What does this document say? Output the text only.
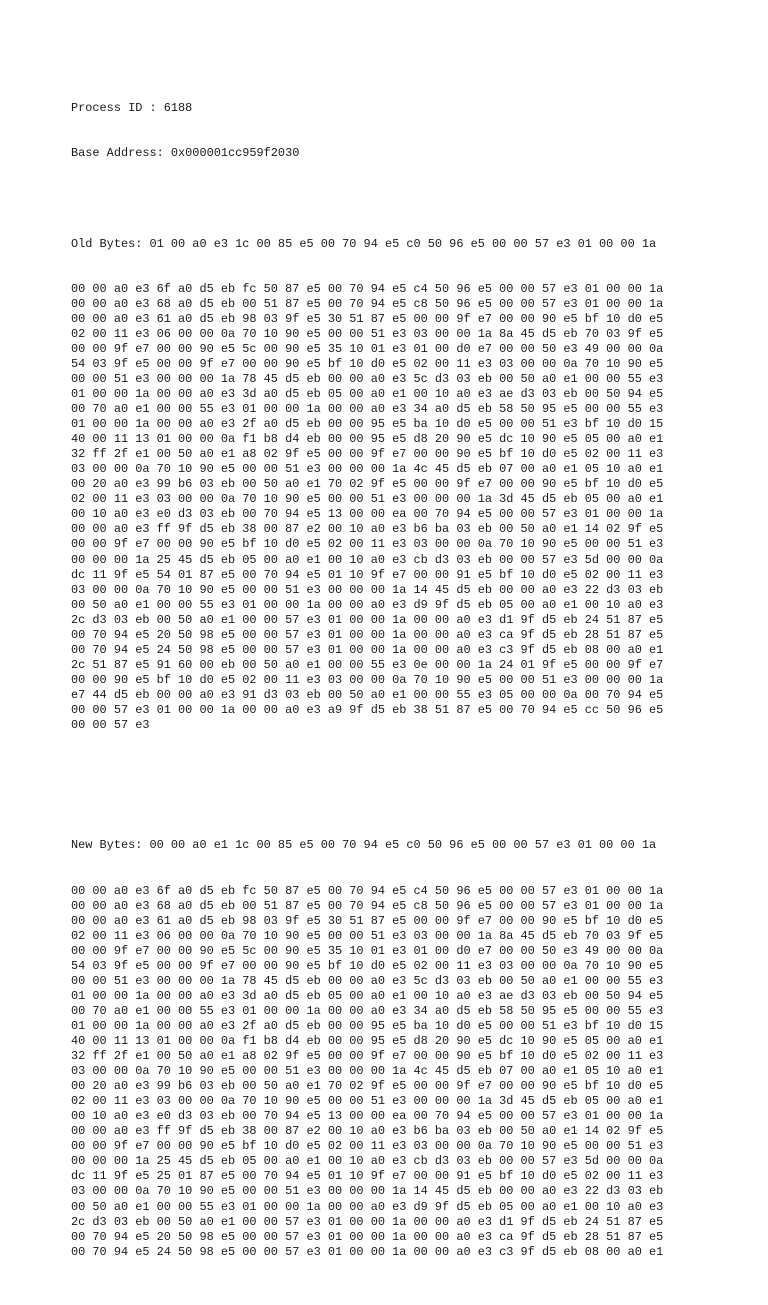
Process ID : 6188

Base Address: 0x000001cc959f2030

Old Bytes: 01 00 a0 e3 1c 00 85 e5 00 70 94 e5 c0 50 96 e5 00 00 57 e3 01 00 00 1a

00 00 a0 e3 6f a0 d5 eb fc 50 87 e5 00 70 94 e5 c4 50 96 e5 00 00 57 e3 01 00 00 1a
00 00 a0 e3 68 a0 d5 eb 00 51 87 e5 00 70 94 e5 c8 50 96 e5 00 00 57 e3 01 00 00 1a
00 00 a0 e3 61 a0 d5 eb 98 03 9f e5 30 51 87 e5 00 00 9f e7 00 00 90 e5 bf 10 d0 e5
02 00 11 e3 06 00 00 0a 70 10 90 e5 00 00 51 e3 03 00 00 1a 8a 45 d5 eb 70 03 9f e5
00 00 9f e7 00 00 90 e5 5c 00 90 e5 35 10 01 e3 01 00 d0 e7 00 00 50 e3 49 00 00 0a
54 03 9f e5 00 00 9f e7 00 00 90 e5 bf 10 d0 e5 02 00 11 e3 03 00 00 0a 70 10 90 e5
00 00 51 e3 00 00 00 1a 78 45 d5 eb 00 00 a0 e3 5c d3 03 eb 00 50 a0 e1 00 00 55 e3
01 00 00 1a 00 00 a0 e3 3d a0 d5 eb 05 00 a0 e1 00 10 a0 e3 ae d3 03 eb 00 50 94 e5
00 70 a0 e1 00 00 55 e3 01 00 00 1a 00 00 a0 e3 34 a0 d5 eb 58 50 95 e5 00 00 55 e3
01 00 00 1a 00 00 a0 e3 2f a0 d5 eb 00 00 95 e5 ba 10 d0 e5 00 00 51 e3 bf 10 d0 15
40 00 11 13 01 00 00 0a f1 b8 d4 eb 00 00 95 e5 d8 20 90 e5 dc 10 90 e5 05 00 a0 e1
32 ff 2f e1 00 50 a0 e1 a8 02 9f e5 00 00 9f e7 00 00 90 e5 bf 10 d0 e5 02 00 11 e3
03 00 00 0a 70 10 90 e5 00 00 51 e3 00 00 00 1a 4c 45 d5 eb 07 00 a0 e1 05 10 a0 e1
00 20 a0 e3 99 b6 03 eb 00 50 a0 e1 70 02 9f e5 00 00 9f e7 00 00 90 e5 bf 10 d0 e5
02 00 11 e3 03 00 00 0a 70 10 90 e5 00 00 51 e3 00 00 00 1a 3d 45 d5 eb 05 00 a0 e1
00 10 a0 e3 e0 d3 03 eb 00 70 94 e5 13 00 00 ea 00 70 94 e5 00 00 57 e3 01 00 00 1a
00 00 a0 e3 ff 9f d5 eb 38 00 87 e2 00 10 a0 e3 b6 ba 03 eb 00 50 a0 e1 14 02 9f e5
00 00 9f e7 00 00 90 e5 bf 10 d0 e5 02 00 11 e3 03 00 00 0a 70 10 90 e5 00 00 51 e3
00 00 00 1a 25 45 d5 eb 05 00 a0 e1 00 10 a0 e3 cb d3 03 eb 00 00 57 e3 5d 00 00 0a
dc 11 9f e5 54 01 87 e5 00 70 94 e5 01 10 9f e7 00 00 91 e5 bf 10 d0 e5 02 00 11 e3
03 00 00 0a 70 10 90 e5 00 00 51 e3 00 00 00 1a 14 45 d5 eb 00 00 a0 e3 22 d3 03 eb
00 50 a0 e1 00 00 55 e3 01 00 00 1a 00 00 a0 e3 d9 9f d5 eb 05 00 a0 e1 00 10 a0 e3
2c d3 03 eb 00 50 a0 e1 00 00 57 e3 01 00 00 1a 00 00 a0 e3 d1 9f d5 eb 24 51 87 e5
00 70 94 e5 20 50 98 e5 00 00 57 e3 01 00 00 1a 00 00 a0 e3 ca 9f d5 eb 28 51 87 e5
00 70 94 e5 24 50 98 e5 00 00 57 e3 01 00 00 1a 00 00 a0 e3 c3 9f d5 eb 08 00 a0 e1
2c 51 87 e5 91 60 00 eb 00 50 a0 e1 00 00 55 e3 0e 00 00 1a 24 01 9f e5 00 00 9f e7
00 00 90 e5 bf 10 d0 e5 02 00 11 e3 03 00 00 0a 70 10 90 e5 00 00 51 e3 00 00 00 1a
e7 44 d5 eb 00 00 a0 e3 91 d3 03 eb 00 50 a0 e1 00 00 55 e3 05 00 00 0a 00 70 94 e5
00 00 57 e3 01 00 00 1a 00 00 a0 e3 a9 9f d5 eb 38 51 87 e5 00 70 94 e5 cc 50 96 e5
00 00 57 e3

New Bytes: 00 00 a0 e1 1c 00 85 e5 00 70 94 e5 c0 50 96 e5 00 00 57 e3 01 00 00 1a

00 00 a0 e3 6f a0 d5 eb fc 50 87 e5 00 70 94 e5 c4 50 96 e5 00 00 57 e3 01 00 00 1a
00 00 a0 e3 68 a0 d5 eb 00 51 87 e5 00 70 94 e5 c8 50 96 e5 00 00 57 e3 01 00 00 1a
00 00 a0 e3 61 a0 d5 eb 98 03 9f e5 30 51 87 e5 00 00 9f e7 00 00 90 e5 bf 10 d0 e5
02 00 11 e3 06 00 00 0a 70 10 90 e5 00 00 51 e3 03 00 00 1a 8a 45 d5 eb 70 03 9f e5
00 00 9f e7 00 00 90 e5 5c 00 90 e5 35 10 01 e3 01 00 d0 e7 00 00 50 e3 49 00 00 0a
54 03 9f e5 00 00 9f e7 00 00 90 e5 bf 10 d0 e5 02 00 11 e3 03 00 00 0a 70 10 90 e5
00 00 51 e3 00 00 00 1a 78 45 d5 eb 00 00 a0 e3 5c d3 03 eb 00 50 a0 e1 00 00 55 e3
01 00 00 1a 00 00 a0 e3 3d a0 d5 eb 05 00 a0 e1 00 10 a0 e3 ae d3 03 eb 00 50 94 e5
00 70 a0 e1 00 00 55 e3 01 00 00 1a 00 00 a0 e3 34 a0 d5 eb 58 50 95 e5 00 00 55 e3
01 00 00 1a 00 00 a0 e3 2f a0 d5 eb 00 00 95 e5 ba 10 d0 e5 00 00 51 e3 bf 10 d0 15
40 00 11 13 01 00 00 0a f1 b8 d4 eb 00 00 95 e5 d8 20 90 e5 dc 10 90 e5 05 00 a0 e1
32 ff 2f e1 00 50 a0 e1 a8 02 9f e5 00 00 9f e7 00 00 90 e5 bf 10 d0 e5 02 00 11 e3
03 00 00 0a 70 10 90 e5 00 00 51 e3 00 00 00 1a 4c 45 d5 eb 07 00 a0 e1 05 10 a0 e1
00 20 a0 e3 99 b6 03 eb 00 50 a0 e1 70 02 9f e5 00 00 9f e7 00 00 90 e5 bf 10 d0 e5
02 00 11 e3 03 00 00 0a 70 10 90 e5 00 00 51 e3 00 00 00 1a 3d 45 d5 eb 05 00 a0 e1
00 10 a0 e3 e0 d3 03 eb 00 70 94 e5 13 00 00 ea 00 70 94 e5 00 00 57 e3 01 00 00 1a
00 00 a0 e3 ff 9f d5 eb 38 00 87 e2 00 10 a0 e3 b6 ba 03 eb 00 50 a0 e1 14 02 9f e5
00 00 9f e7 00 00 90 e5 bf 10 d0 e5 02 00 11 e3 03 00 00 0a 70 10 90 e5 00 00 51 e3
00 00 00 1a 25 45 d5 eb 05 00 a0 e1 00 10 a0 e3 cb d3 03 eb 00 00 57 e3 5d 00 00 0a
dc 11 9f e5 25 01 87 e5 00 70 94 e5 01 10 9f e7 00 00 91 e5 bf 10 d0 e5 02 00 11 e3
03 00 00 0a 70 10 90 e5 00 00 51 e3 00 00 00 1a 14 45 d5 eb 00 00 a0 e3 22 d3 03 eb
00 50 a0 e1 00 00 55 e3 01 00 00 1a 00 00 a0 e3 d9 9f d5 eb 05 00 a0 e1 00 10 a0 e3
2c d3 03 eb 00 50 a0 e1 00 00 57 e3 01 00 00 1a 00 00 a0 e3 d1 9f d5 eb 24 51 87 e5
00 70 94 e5 20 50 98 e5 00 00 57 e3 01 00 00 1a 00 00 a0 e3 ca 9f d5 eb 28 51 87 e5
00 70 94 e5 24 50 98 e5 00 00 57 e3 01 00 00 1a 00 00 a0 e3 c3 9f d5 eb 08 00 a0 e1
